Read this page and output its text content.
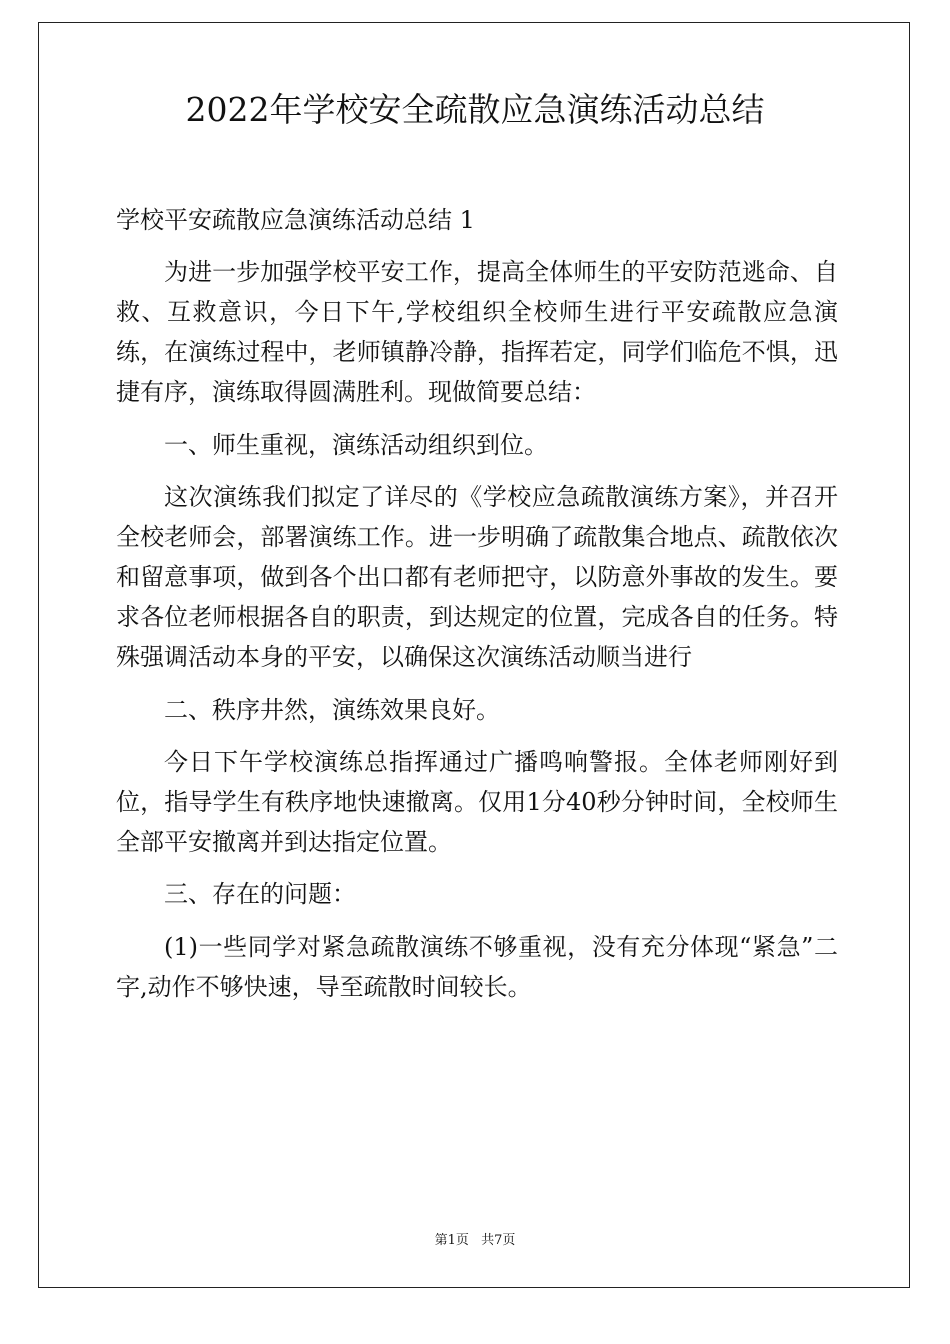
2022年学校安全疏散应急演练活动总结

学校平安疏散应急演练活动总结 1

为进一步加强学校平安工作，提高全体师生的平安防范逃命、自救、互救意识，今日下午,学校组织全校师生进行平安疏散应急演练，在演练过程中，老师镇静冷静，指挥若定，同学们临危不惧，迅捷有序，演练取得圆满胜利。现做简要总结：

一、师生重视，演练活动组织到位。

这次演练我们拟定了详尽的《学校应急疏散演练方案》，并召开全校老师会，部署演练工作。进一步明确了疏散集合地点、疏散依次和留意事项，做到各个出口都有老师把守，以防意外事故的发生。要求各位老师根据各自的职责，到达规定的位置，完成各自的任务。特殊强调活动本身的平安，以确保这次演练活动顺当进行

二、秩序井然，演练效果良好。

今日下午学校演练总指挥通过广播鸣响警报。全体老师刚好到位，指导学生有秩序地快速撤离。仅用1分40秒分钟时间，全校师生全部平安撤离并到达指定位置。

三、存在的问题：

(1)一些同学对紧急疏散演练不够重视，没有充分体现“紧急”二字,动作不够快速，导至疏散时间较长。

第1页 共7页
